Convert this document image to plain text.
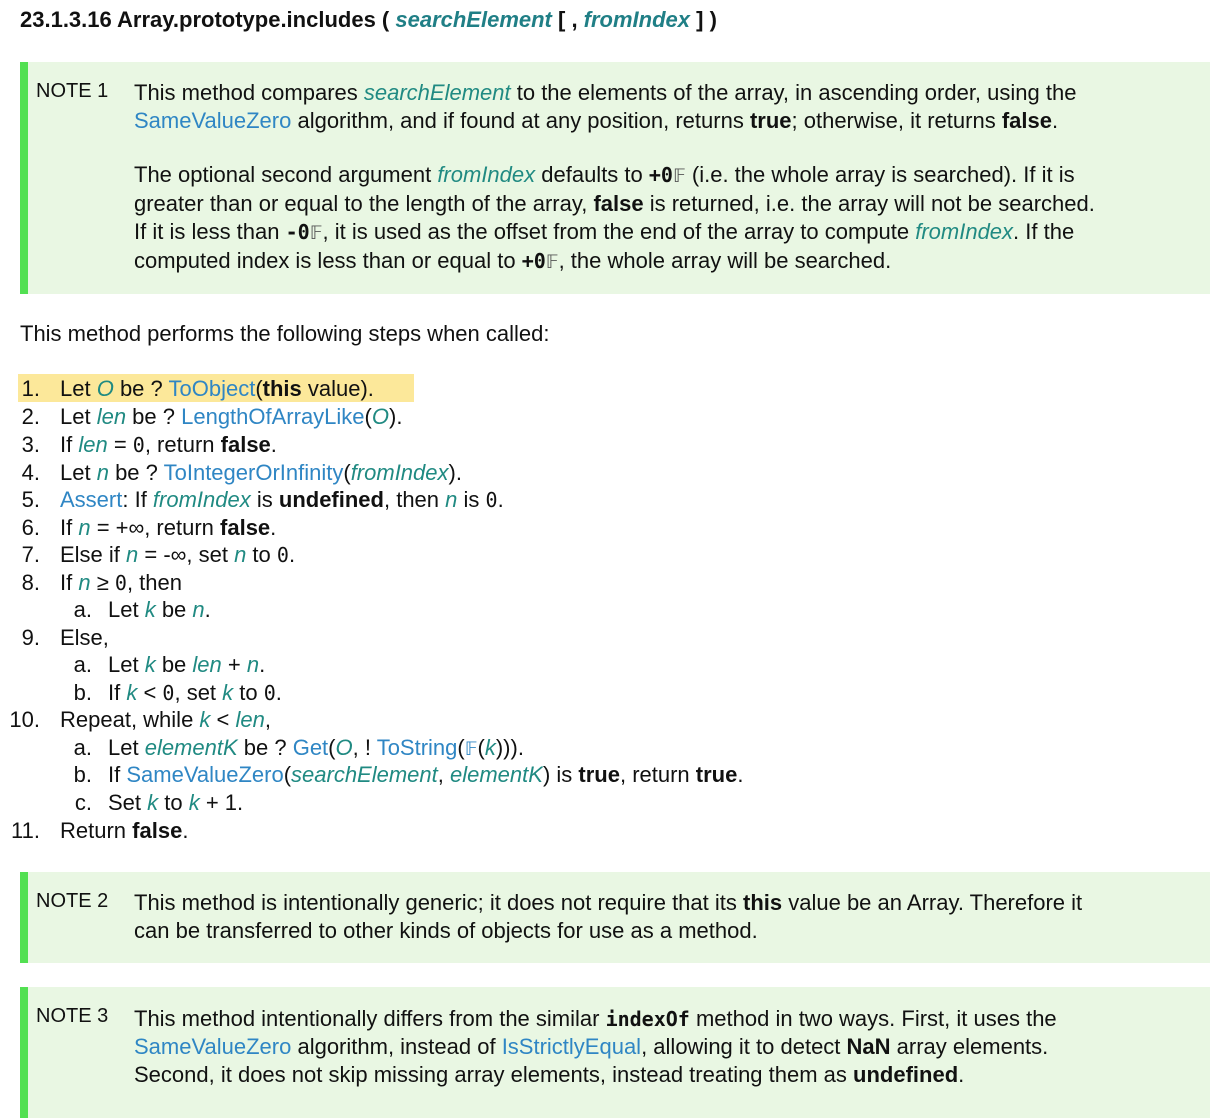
23.1.3.16 Array.prototype.includes ( searchElement [ , fromIndex ] )
NOTE 1 This method compares searchElement to the elements of the array, in ascending order, using the
SameValueZero algorithm, and if found at any position, returns true; otherwise, it returns false.

The optional second argument fromIndex defaults to +0𝔽 (i.e. the whole array is searched). If it is
greater than or equal to the length of the array, false is returned, i.e. the array will not be searched.
If it is less than -0𝔽, it is used as the offset from the end of the array to compute fromIndex. If the
computed index is less than or equal to +0𝔽, the whole array will be searched.

This method performs the following steps when called:
1. Let O be ? ToObject(this value).
2. Let len be ? LengthOfArrayLike(O).
3. If len = 0, return false.
4. Let n be ? ToIntegerOrInfinity(fromIndex).
5. Assert: If fromIndex is undefined, then n is 0.
6. If n = +∞, return false.
7. Else if n = -∞, set n to 0.
8. If n ≥ 0, then
a. Let k be n.
9. Else,
a. Let k be len + n.
b. If k < 0, set k to 0.
10. Repeat, while k < len,
a. Let elementK be ? Get(O, ! ToString(𝔽(k))).
b. If SameValueZero(searchElement, elementK) is true, return true.
c. Set k to k + 1.
11. Return false.
NOTE 2 This method is intentionally generic; it does not require that its this value be an Array. Therefore it
can be transferred to other kinds of objects for use as a method.
NOTE 3 This method intentionally differs from the similar indexOf method in two ways. First, it uses the
SameValueZero algorithm, instead of IsStrictlyEqual, allowing it to detect NaN array elements.
Second, it does not skip missing array elements, instead treating them as undefined.
